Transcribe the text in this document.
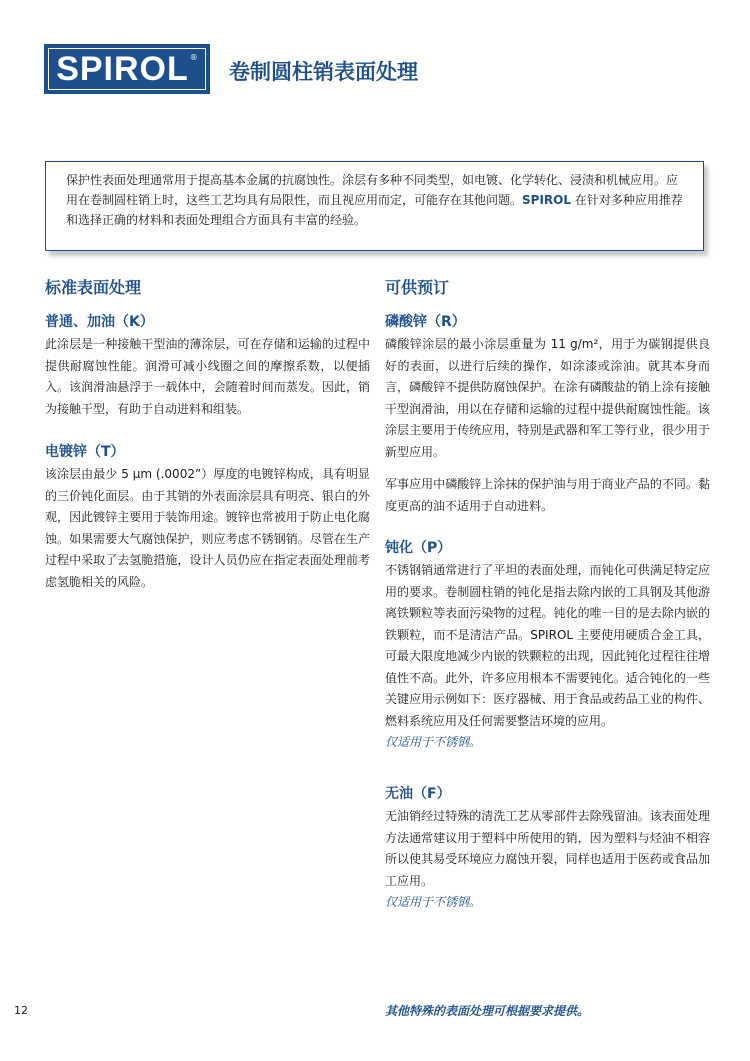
SPIROL ®
卷制圆柱销表面处理
保护性表面处理通常用于提高基本金属的抗腐蚀性。涂层有多种不同类型，如电镀、化学转化、浸渍和机械应用。应用在卷制圆柱销上时，这些工艺均具有局限性，而且视应用而定，可能存在其他问题。SPIROL 在针对多种应用推荐和选择正确的材料和表面处理组合方面具有丰富的经验。
标准表面处理	可供预订
普通、加油（K）

此涂层是一种接触干型油的薄涂层，可在存储和运输的过程中提供耐腐蚀性能。润滑可减小线圈之间的摩擦系数，以便插入。该润滑油悬浮于一载体中，会随着时间而蒸发。因此，销为接触干型，有助于自动进料和组装。

电镀锌（T）

该涂层由最少 5 μm (.0002”）厚度的电镀锌构成，具有明显的三价钝化面层。由于其销的外表面涂层具有明亮、银白的外观，因此镀锌主要用于装饰用途。镀锌也常被用于防止电化腐蚀。如果需要大气腐蚀保护，则应考虑不锈钢销。尽管在生产过程中采取了去氢脆措施，设计人员仍应在指定表面处理前考虑氢脆相关的风险。

磷酸锌（R）

磷酸锌涂层的最小涂层重量为 11 g/m²，用于为碳钢提供良好的表面，以进行后续的操作，如涂漆或涂油。就其本身而言，磷酸锌不提供防腐蚀保护。在涂有磷酸盐的销上涂有接触干型润滑油，用以在存储和运输的过程中提供耐腐蚀性能。该涂层主要用于传统应用，特别是武器和军工等行业，很少用于新型应用。

军事应用中磷酸锌上涂抹的保护油与用于商业产品的不同。黏度更高的油不适用于自动进料。

钝化（P）

不锈钢销通常进行了平坦的表面处理，而钝化可供满足特定应用的要求。卷制圆柱销的钝化是指去除内嵌的工具钢及其他游离铁颗粒等表面污染物的过程。钝化的唯一目的是去除内嵌的铁颗粒，而不是清洁产品。SPIROL 主要使用硬质合金工具，可最大限度地减少内嵌的铁颗粒的出现，因此钝化过程往往增值性不高。此外，许多应用根本不需要钝化。适合钝化的一些关键应用示例如下：医疗器械、用于食品或药品工业的构件、燃料系统应用及任何需要整洁环境的应用。

仅适用于不锈钢。

无油（F）

无油销经过特殊的清洗工艺从零部件去除残留油。该表面处理方法通常建议用于塑料中所使用的销，因为塑料与烃油不相容所以使其易受环境应力腐蚀开裂，同样也适用于医药或食品加工应用。

仅适用于不锈钢。

12	其他特殊的表面处理可根据要求提供。
